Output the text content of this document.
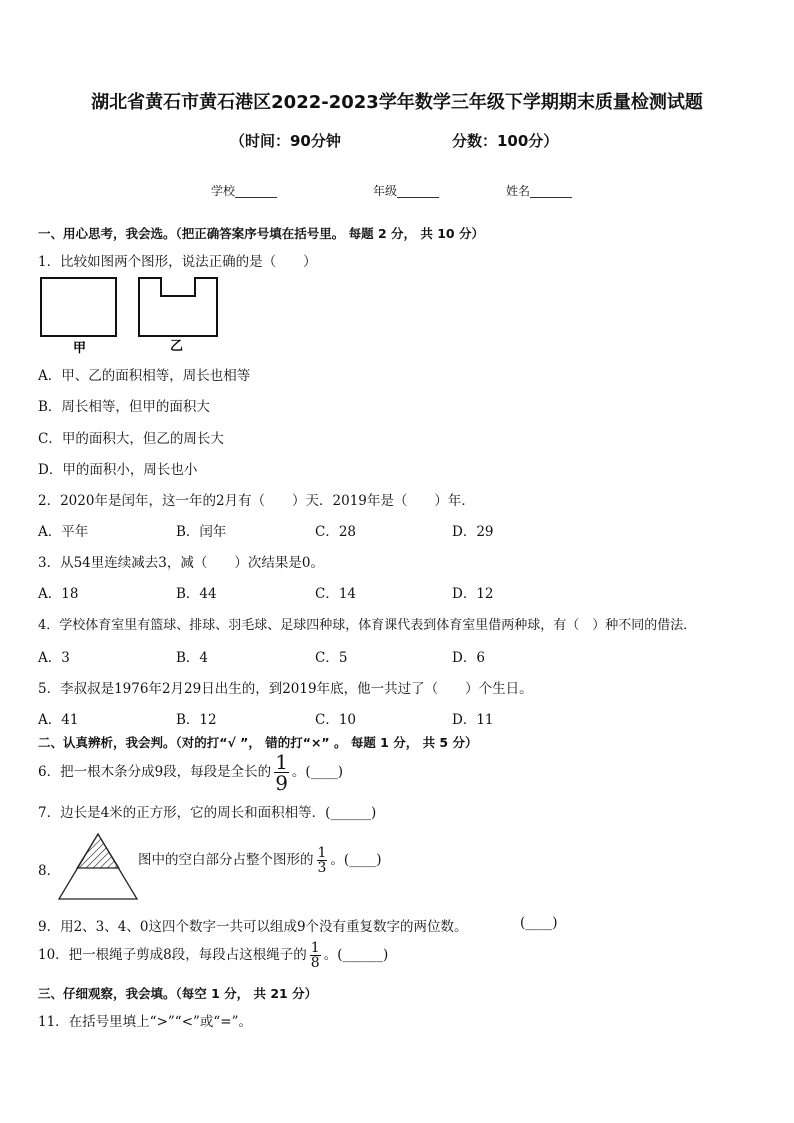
湖北省黄石市黄石港区2022-2023学年数学三年级下学期期末质量检测试题
（时间：90分钟	分数：100分）
学校_______	年级_______	姓名_______
一、用心思考，我会选。（把正确答案序号填在括号里。 每题 2 分， 共 10 分）
1．比较如图两个图形，说法正确的是（　　）
甲	乙
A．甲、乙的面积相等，周长也相等
B．周长相等，但甲的面积大
C．甲的面积大，但乙的周长大
D．甲的面积小，周长也小
2．2020年是闰年，这一年的2月有（　　）天．2019年是（　　）年．
A．平年	B．闰年	C．28	D．29
3．从54里连续减去3，减（　　）次结果是0。
A．18	B．44	C．14	D．12
4．学校体育室里有篮球、排球、羽毛球、足球四种球，体育课代表到体育室里借两种球，有（　）种不同的借法．
A．3	B．4	C．5	D．6
5．李叔叔是1976年2月29日出生的，到2019年底，他一共过了（　　）个生日。
A．41	B．12	C．10	D．11
二、认真辨析，我会判。（对的打“√ ”， 错的打“×” 。 每题 1 分， 共 5 分）
6．把一根木条分成9段，每段是全长的 $\frac{1}{9}$ 。(____)
7．边长是4米的正方形，它的周长和面积相等．(______)
8．
图中的空白部分占整个图形的 $\frac{1}{3}$ 。(____)
9．用2、3、4、0这四个数字一共可以组成9个没有重复数字的两位数。	(____)
10．把一根绳子剪成8段，每段占这根绳子的 $\frac{1}{8}$ 。(______)
三、仔细观察，我会填。（每空 1 分， 共 21 分）
11．在括号里填上“>”“<”或“=”。
